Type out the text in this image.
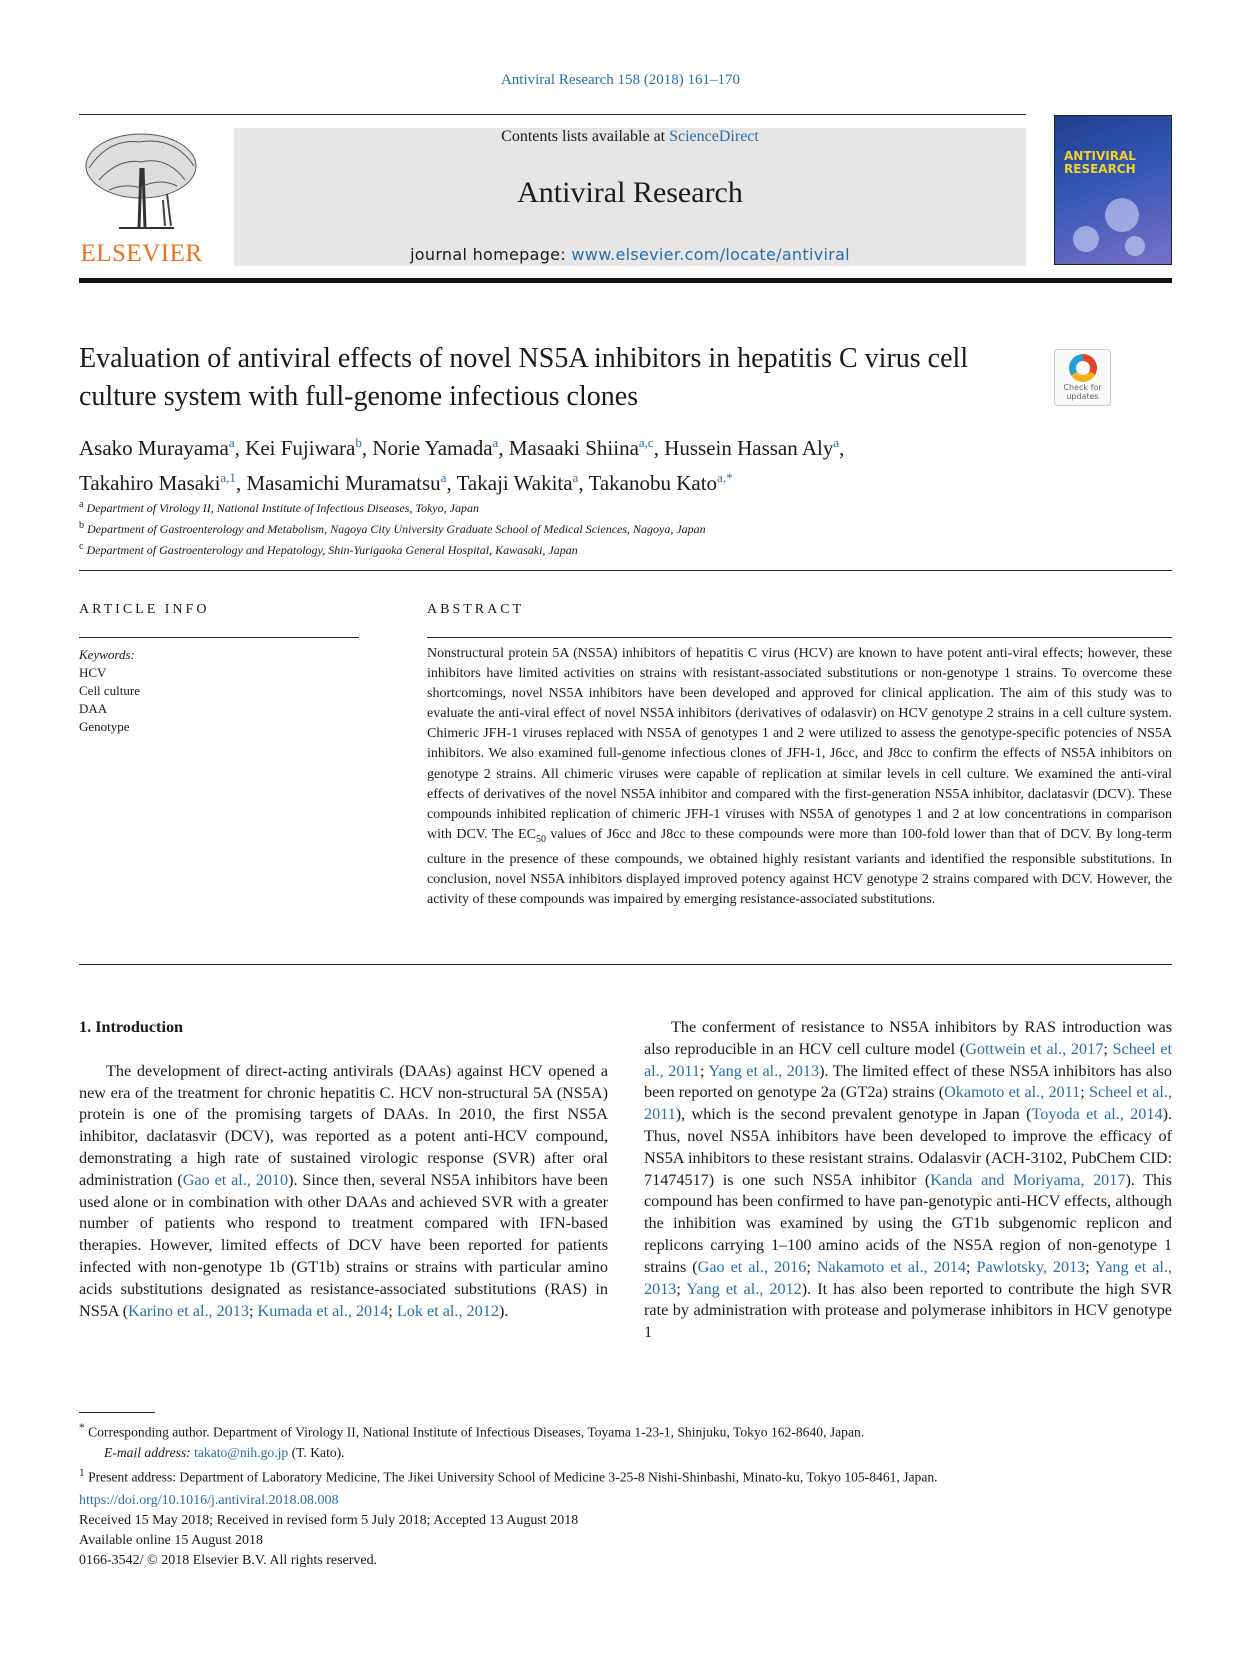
Antiviral Research 158 (2018) 161–170
ELSEVIER
Contents lists available at ScienceDirect
Antiviral Research
journal homepage: www.elsevier.com/locate/antiviral
ANTIVIRAL
RESEARCH
Evaluation of antiviral effects of novel NS5A inhibitors in hepatitis C virus cell culture system with full-genome infectious clones	Check for
updates
Asako Murayama$^a$, Kei Fujiwara$^b$, Norie Yamada$^a$, Masaaki Shiina$^{a,c}$, Hussein Hassan Aly$^a$,
Takahiro Masaki$^{a,1}$, Masamichi Muramatsu$^a$, Takaji Wakita$^a$, Takanobu Kato$^{a,*}$
$^a$ Department of Virology II, National Institute of Infectious Diseases, Tokyo, Japan
$^b$ Department of Gastroenterology and Metabolism, Nagoya City University Graduate School of Medical Sciences, Nagoya, Japan
$^c$ Department of Gastroenterology and Hepatology, Shin-Yurigaoka General Hospital, Kawasaki, Japan
ARTICLE INFO	ABSTRACT
Keywords:
HCV
Cell culture
DAA
Genotype
Nonstructural protein 5A (NS5A) inhibitors of hepatitis C virus (HCV) are known to have potent anti-viral effects; however, these inhibitors have limited activities on strains with resistant-associated substitutions or non-genotype 1 strains. To overcome these shortcomings, novel NS5A inhibitors have been developed and approved for clinical application. The aim of this study was to evaluate the anti-viral effect of novel NS5A inhibitors (derivatives of odalasvir) on HCV genotype 2 strains in a cell culture system. Chimeric JFH-1 viruses replaced with NS5A of genotypes 1 and 2 were utilized to assess the genotype-specific potencies of NS5A inhibitors. We also examined full-genome infectious clones of JFH-1, J6cc, and J8cc to confirm the effects of NS5A inhibitors on genotype 2 strains. All chimeric viruses were capable of replication at similar levels in cell culture. We examined the anti-viral effects of derivatives of the novel NS5A inhibitor and compared with the first-generation NS5A inhibitor, daclatasvir (DCV). These compounds inhibited replication of chimeric JFH-1 viruses with NS5A of genotypes 1 and 2 at low concentrations in comparison with DCV. The $EC_{50}$ values of J6cc and J8cc to these compounds were more than 100-fold lower than that of DCV. By long-term culture in the presence of these compounds, we obtained highly resistant variants and identified the responsible substitutions. In conclusion, novel NS5A inhibitors displayed improved potency against HCV genotype 2 strains compared with DCV. However, the activity of these compounds was impaired by emerging resistance-associated substitutions.
1. Introduction

The development of direct-acting antivirals (DAAs) against HCV opened a new era of the treatment for chronic hepatitis C. HCV non-structural 5A (NS5A) protein is one of the promising targets of DAAs. In 2010, the first NS5A inhibitor, daclatasvir (DCV), was reported as a potent anti-HCV compound, demonstrating a high rate of sustained virologic response (SVR) after oral administration (Gao et al., 2010). Since then, several NS5A inhibitors have been used alone or in combination with other DAAs and achieved SVR with a greater number of patients who respond to treatment compared with IFN-based therapies. However, limited effects of DCV have been reported for patients infected with non-genotype 1b (GT1b) strains or strains with particular amino acids substitutions designated as resistance-associated substitutions (RAS) in NS5A (Karino et al., 2013; Kumada et al., 2014; Lok et al., 2012).

The conferment of resistance to NS5A inhibitors by RAS introduction was also reproducible in an HCV cell culture model (Gottwein et al., 2017; Scheel et al., 2011; Yang et al., 2013). The limited effect of these NS5A inhibitors has also been reported on genotype 2a (GT2a) strains (Okamoto et al., 2011; Scheel et al., 2011), which is the second prevalent genotype in Japan (Toyoda et al., 2014). Thus, novel NS5A inhibitors have been developed to improve the efficacy of NS5A inhibitors to these resistant strains. Odalasvir (ACH-3102, PubChem CID: 71474517) is one such NS5A inhibitor (Kanda and Moriyama, 2017). This compound has been confirmed to have pan-genotypic anti-HCV effects, although the inhibition was examined by using the GT1b subgenomic replicon and replicons carrying 1–100 amino acids of the NS5A region of non-genotype 1 strains (Gao et al., 2016; Nakamoto et al., 2014; Pawlotsky, 2013; Yang et al., 2013; Yang et al., 2012). It has also been reported to contribute the high SVR rate by administration with protease and polymerase inhibitors in HCV genotype 1

* Corresponding author. Department of Virology II, National Institute of Infectious Diseases, Toyama 1-23-1, Shinjuku, Tokyo 162-8640, Japan.
E-mail address: takato@nih.go.jp (T. Kato).
$^1$ Present address: Department of Laboratory Medicine, The Jikei University School of Medicine 3-25-8 Nishi-Shinbashi, Minato-ku, Tokyo 105-8461, Japan.
https://doi.org/10.1016/j.antiviral.2018.08.008
Received 15 May 2018; Received in revised form 5 July 2018; Accepted 13 August 2018
Available online 15 August 2018
0166-3542/ © 2018 Elsevier B.V. All rights reserved.
